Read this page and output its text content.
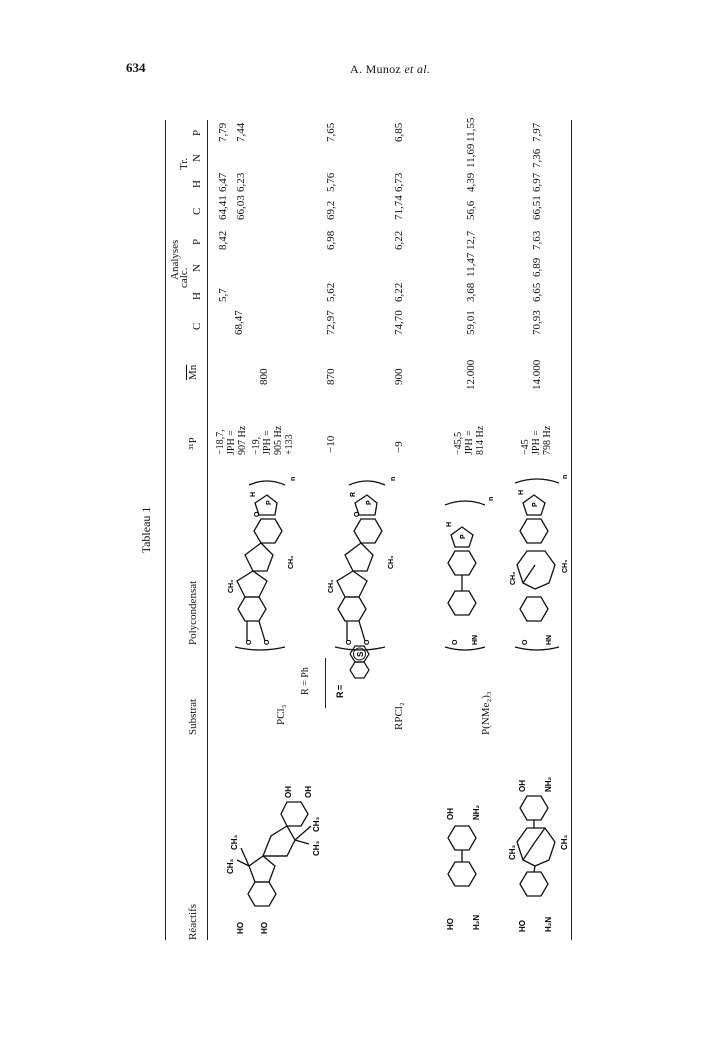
634	A. Munoz et al.
Tableau 1
Réactifs
Substrat
Polycondensat
³¹P
$\overline{Mn}$
Analyses
calc.
Tr.
C
H
N
P
C
H
N
P
PCl₃
−18,7, JPH = 907 Hz
68,47
5,7
8,42
64,41
6,47
7,79
−19, JPH = 905 Hz +133
800
66,03
6,23
7,44
R = Ph
R
=
S
RPCl₂
−10
870
72,97
5,62
6,98
69,2
5,76
7,65
−9
900
74,70
6,22
6,22
71,74
6,73
6,85
P(NMe₂)₃
−45,5 JPH = 814 Hz
12.000
59,01
3,68
11,47
12,7
56,6
4,39
11,69
11,55
−45 JPH = 798 Hz
14.000
70,93
6,65
6,89
7,63
66,51
6,97
7,36
7,97
HO HO
CH₃
CH₃
OH OH
CH₃
CH₃
O O
CH₃
CH₃
O
P
H
n
O O
CH₃
CH₃
O
P
R
n
HO H₂N
OH NH₂
O HN
P
H
n
HO H₂N
CH₃
CH₃
OH NH₂
O HN
CH₃
CH₃
P
H
n
